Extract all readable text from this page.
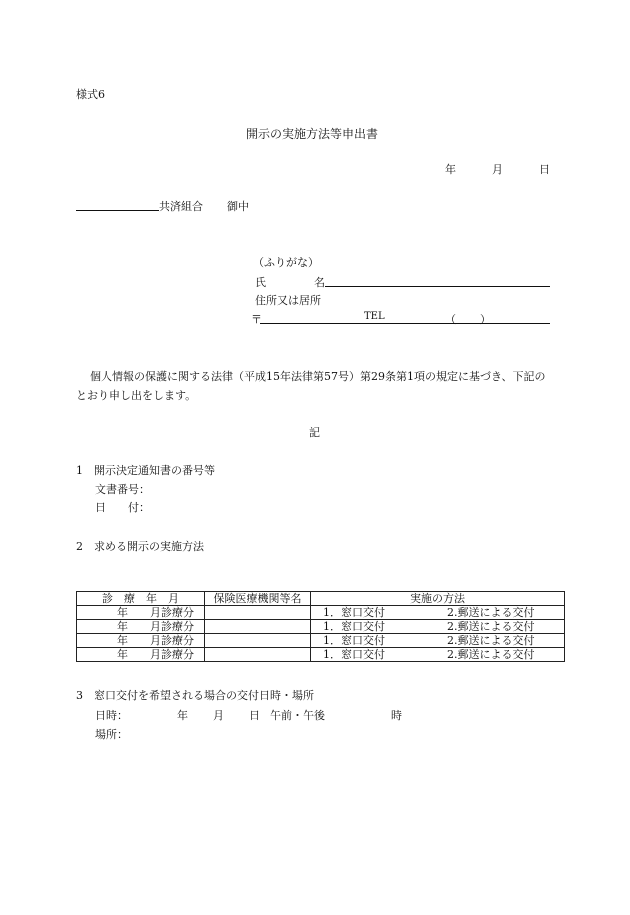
様式6
開示の実施方法等申出書
年	月	日
共済組合 御中
（ふりがな）
氏	名
住所又は居所
〒	TEL	（ ）
個人情報の保護に関する法律（平成15年法律第57号）第29条第1項の規定に基づき、下記の
とおり申し出をします。
記
1　開示決定通知書の番号等
文書番号：
日　　付：
2　求める開示の実施方法
診　療　年　月	保険医療機関等名	実施の方法
年　　月診療分		1．窓口交付 2.郵送による交付

年　　月診療分		1．窓口交付 2.郵送による交付

年　　月診療分		1．窓口交付 2.郵送による交付

年　　月診療分		1．窓口交付 2.郵送による交付
3　窓口交付を希望される場合の交付日時・場所
日時：	年 月 日 午前・午後	時
場所：
